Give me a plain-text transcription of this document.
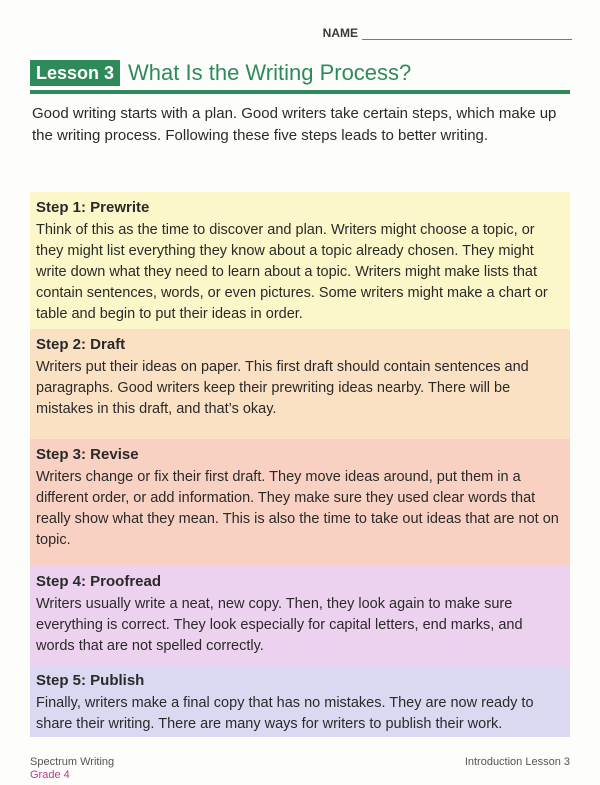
NAME
Lesson 3 What Is the Writing Process?
Good writing starts with a plan. Good writers take certain steps, which make up the writing process. Following these five steps leads to better writing.
Step 1: Prewrite

Think of this as the time to discover and plan. Writers might choose a topic, or they might list everything they know about a topic already chosen. They might write down what they need to learn about a topic. Writers might make lists that contain sentences, words, or even pictures. Some writers might make a chart or table and begin to put their ideas in order.

Step 2: Draft

Writers put their ideas on paper. This first draft should contain sentences and paragraphs. Good writers keep their prewriting ideas nearby. There will be mistakes in this draft, and that’s okay.

Step 3: Revise

Writers change or fix their first draft. They move ideas around, put them in a different order, or add information. They make sure they used clear words that really show what they mean. This is also the time to take out ideas that are not on topic.

Step 4: Proofread

Writers usually write a neat, new copy. Then, they look again to make sure everything is correct. They look especially for capital letters, end marks, and words that are not spelled correctly.

Step 5: Publish

Finally, writers make a final copy that has no mistakes. They are now ready to share their writing. There are many ways for writers to publish their work.

Spectrum Writing
Grade 4
Introduction Lesson 3
